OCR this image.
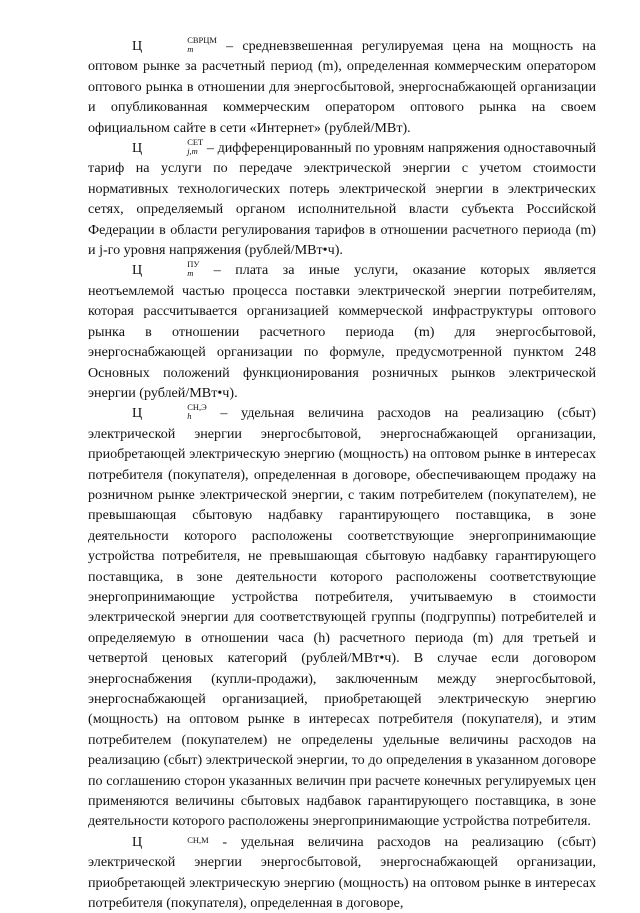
Ц	СВРЦМ
m	– средневзвешенная регулируемая цена на мощность на оптовом рынке за расчетный период (m), определенная коммерческим оператором оптового рынка в отношении для энергосбытовой, энергоснабжающей организации и опубликованная коммерческим оператором оптового рынка на своем официальном сайте в сети «Интернет» (рублей/МВт).

Ц	СЕТ
j,m – дифференцированный по уровням напряжения одноставочный тариф на услуги по передаче электрической энергии с учетом стоимости нормативных технологических потерь электрической энергии в электрических сетях, определяемый органом исполнительной власти субъекта Российской Федерации в области регулирования тарифов в отношении расчетного периода (m) и j-го уровня напряжения (рублей/МВт•ч).

Ц	ПУ
m – плата за иные услуги, оказание которых является неотъемлемой частью процесса поставки электрической энергии потребителям, которая рассчитывается организацией коммерческой инфраструктуры оптового рынка в отношении расчетного периода (m) для энергосбытовой, энергоснабжающей организации по формуле, предусмотренной пунктом 248 Основных положений функционирования розничных рынков электрической энергии (рублей/МВт•ч).

Ц	СН,Э
h	– удельная величина расходов на реализацию (сбыт) электрической энергии энергосбытовой, энергоснабжающей организации, приобретающей электрическую энергию (мощность) на оптовом рынке в интересах потребителя (покупателя), определенная в договоре, обеспечивающем продажу на розничном рынке электрической энергии, с таким потребителем (покупателем), не превышающая сбытовую надбавку гарантирующего поставщика, в зоне деятельности которого расположены соответствующие энергопринимающие устройства потребителя, не превышающая сбытовую надбавку гарантирующего поставщика, в зоне деятельности которого расположены соответствующие энергопринимающие устройства потребителя, учитываемую в стоимости электрической энергии для соответствующей группы (подгруппы) потребителей и определяемую в отношении часа (h) расчетного периода (m) для третьей и четвертой ценовых категорий (рублей/МВт•ч). В случае если договором энергоснабжения (купли-продажи), заключенным между энергосбытовой, энергоснабжающей организацией, приобретающей электрическую энергию (мощность) на оптовом рынке в интересах потребителя (покупателя), и этим потребителем (покупателем) не определены удельные величины расходов на реализацию (сбыт) электрической энергии, то до определения в указанном договоре по соглашению сторон указанных величин при расчете конечных регулируемых цен применяются величины сбытовых надбавок гарантирующего поставщика, в зоне деятельности которого расположены энергопринимающие устройства потребителя.

Ц	СН,М - удельная величина расходов на реализацию (сбыт) электрической энергии энергосбытовой, энергоснабжающей организации, приобретающей электрическую энергию (мощность) на оптовом рынке в интересах потребителя (покупателя), определенная в договоре,
